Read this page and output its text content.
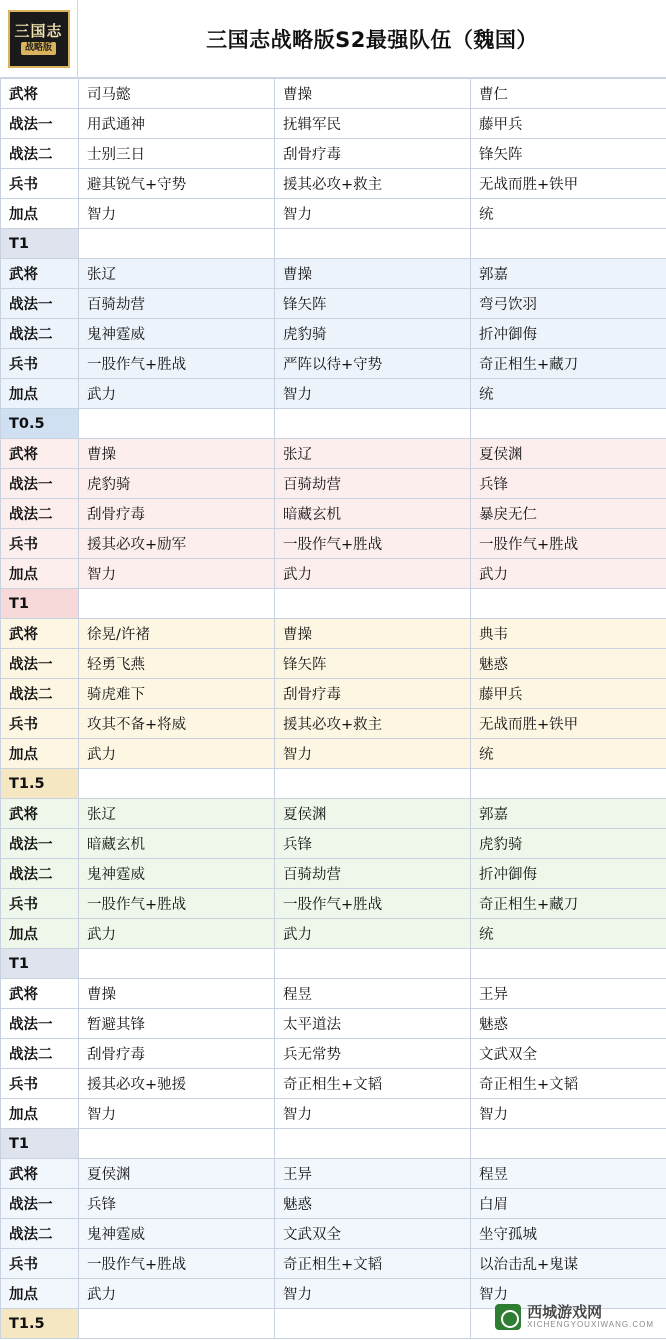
三国志
战略版	三国志战略版S2最强队伍（魏国）
武将	司马懿	曹操	曹仁
战法一	用武通神	抚辑军民	藤甲兵
战法二	士别三日	刮骨疗毒	锋矢阵
兵书	避其锐气+守势	援其必攻+救主	无战而胜+铁甲
加点	智力	智力	统
T1			
武将	张辽	曹操	郭嘉
战法一	百骑劫营	锋矢阵	弯弓饮羽
战法二	鬼神霆威	虎豹骑	折冲御侮
兵书	一股作气+胜战	严阵以待+守势	奇正相生+藏刀
加点	武力	智力	统
T0.5			
武将	曹操	张辽	夏侯渊
战法一	虎豹骑	百骑劫营	兵锋
战法二	刮骨疗毒	暗藏玄机	暴戾无仁
兵书	援其必攻+励军	一股作气+胜战	一股作气+胜战
加点	智力	武力	武力
T1			
武将	徐晃/许褚	曹操	典韦
战法一	轻勇飞燕	锋矢阵	魅惑
战法二	骑虎难下	刮骨疗毒	藤甲兵
兵书	攻其不备+将威	援其必攻+救主	无战而胜+铁甲
加点	武力	智力	统
T1.5			
武将	张辽	夏侯渊	郭嘉
战法一	暗藏玄机	兵锋	虎豹骑
战法二	鬼神霆威	百骑劫营	折冲御侮
兵书	一股作气+胜战	一股作气+胜战	奇正相生+藏刀
加点	武力	武力	统
T1			
武将	曹操	程昱	王异
战法一	暂避其锋	太平道法	魅惑
战法二	刮骨疗毒	兵无常势	文武双全
兵书	援其必攻+驰援	奇正相生+文韬	奇正相生+文韬
加点	智力	智力	智力
T1			
武将	夏侯渊	王异	程昱
战法一	兵锋	魅惑	白眉
战法二	鬼神霆威	文武双全	坐守孤城
兵书	一股作气+胜战	奇正相生+文韬	以治击乱+鬼谋
加点	武力	智力	智力
T1.5			
西城游戏网
XICHENGYOUXIWANG.COM
